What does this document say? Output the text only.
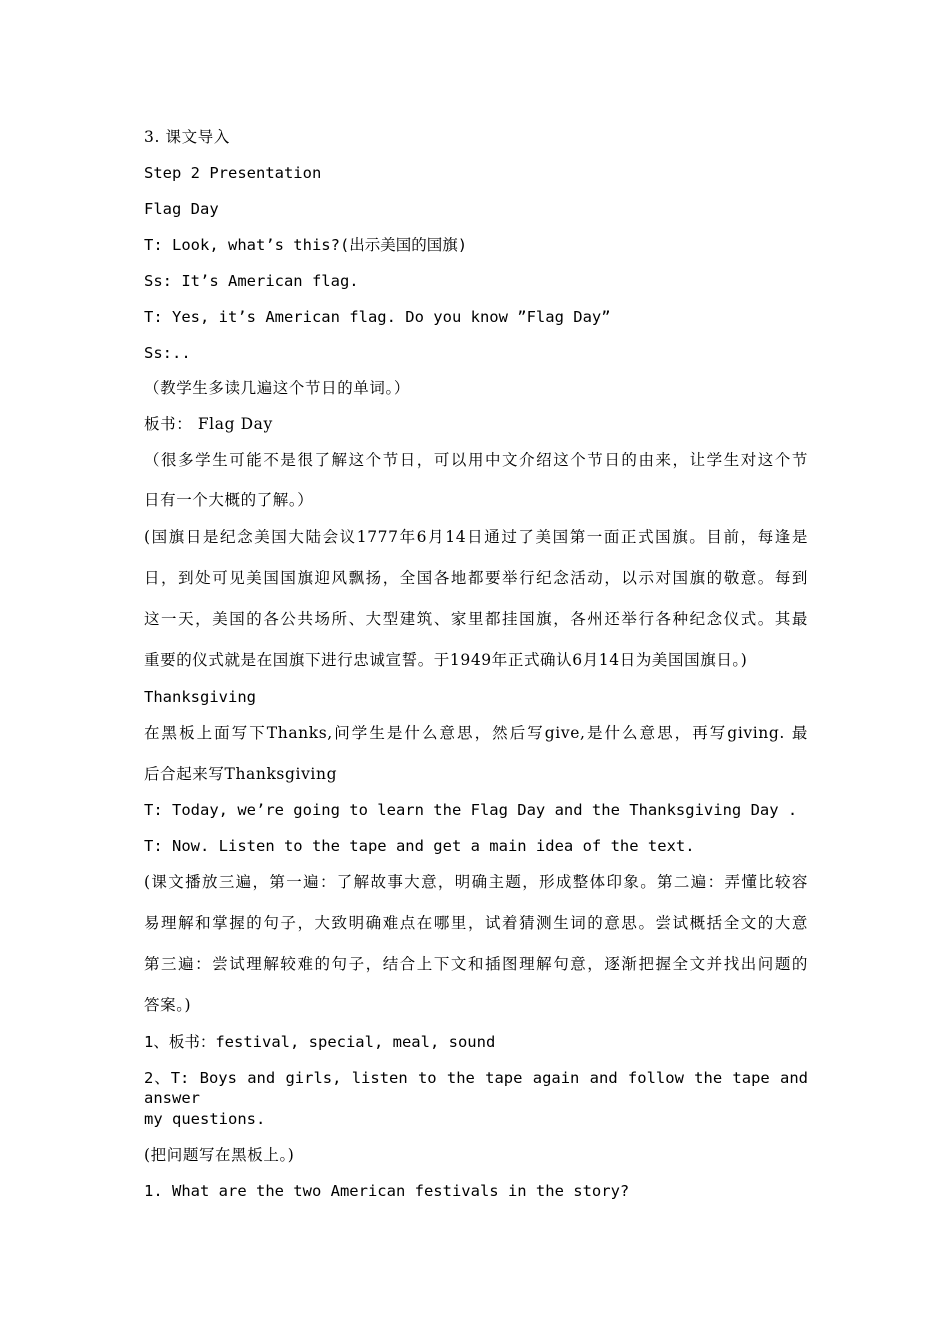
3. 课文导入
Step 2 Presentation
Flag Day
T: Look, what’s this?(出示美国的国旗)
Ss: It’s American flag.
T: Yes, it’s American flag. Do you know ”Flag Day”
Ss:..
（教学生多读几遍这个节日的单词。）
板书： Flag Day
（很多学生可能不是很了解这个节日，可以用中文介绍这个节日的由来，让学生对这个节
日有一个大概的了解。）
(国旗日是纪念美国大陆会议1777年6月14日通过了美国第一面正式国旗。目前，每逢是
日，到处可见美国国旗迎风飘扬，全国各地都要举行纪念活动，以示对国旗的敬意。每到
这一天，美国的各公共场所、大型建筑、家里都挂国旗，各州还举行各种纪念仪式。其最
重要的仪式就是在国旗下进行忠诚宣誓。于1949年正式确认6月14日为美国国旗日。)
Thanksgiving
在黑板上面写下Thanks,问学生是什么意思，然后写give,是什么意思，再写giving. 最
后合起来写Thanksgiving
T: Today, we’re going to learn the Flag Day and the Thanksgiving Day .
T: Now. Listen to the tape and get a main idea of the text.
(课文播放三遍，第一遍：了解故事大意，明确主题，形成整体印象。第二遍：弄懂比较容
易理解和掌握的句子，大致明确难点在哪里，试着猜测生词的意思。尝试概括全文的大意
第三遍：尝试理解较难的句子，结合上下文和插图理解句意，逐渐把握全文并找出问题的
答案。)
1、板书：festival, special, meal, sound
2、T: Boys and girls, listen to the tape again and follow the tape and answer
my questions.
(把问题写在黑板上。)
1. What are the two American festivals in the story?
